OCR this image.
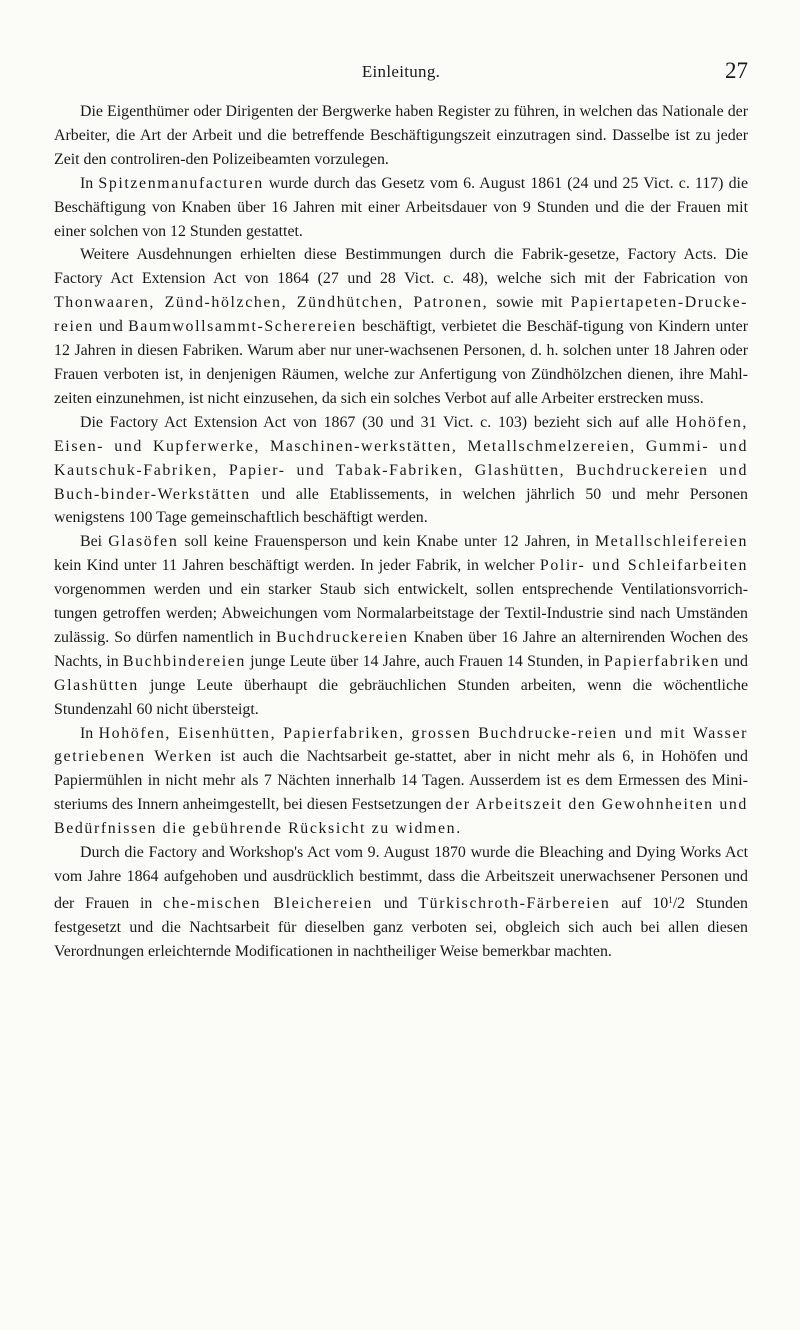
Einleitung.	27

Die Eigenthümer oder Dirigenten der Bergwerke haben Register zu führen, in welchen das Nationale der Arbeiter, die Art der Arbeit und die betreffende Beschäftigungszeit einzutragen sind. Dasselbe ist zu jeder Zeit den controliren-den Polizeibeamten vorzulegen.

In Spitzenmanufacturen wurde durch das Gesetz vom 6. August 1861 (24 und 25 Vict. c. 117) die Beschäftigung von Knaben über 16 Jahren mit einer Arbeitsdauer von 9 Stunden und die der Frauen mit einer solchen von 12 Stunden gestattet.

Weitere Ausdehnungen erhielten diese Bestimmungen durch die Fabrik-gesetze, Factory Acts. Die Factory Act Extension Act von 1864 (27 und 28 Vict. c. 48), welche sich mit der Fabrication von Thonwaaren, Zünd-hölzchen, Zündhütchen, Patronen, sowie mit Papiertapeten-Drucke-reien und Baumwollsammt-Scherereien beschäftigt, verbietet die Beschäf-tigung von Kindern unter 12 Jahren in diesen Fabriken. Warum aber nur uner-wachsenen Personen, d. h. solchen unter 18 Jahren oder Frauen verboten ist, in denjenigen Räumen, welche zur Anfertigung von Zündhölzchen dienen, ihre Mahl-zeiten einzunehmen, ist nicht einzusehen, da sich ein solches Verbot auf alle Arbeiter erstrecken muss.

Die Factory Act Extension Act von 1867 (30 und 31 Vict. c. 103) bezieht sich auf alle Hohöfen, Eisen- und Kupferwerke, Maschinen-werkstätten, Metallschmelzereien, Gummi- und Kautschuk-Fabriken, Papier- und Tabak-Fabriken, Glashütten, Buchdruckereien und Buch-binder-Werkstätten und alle Etablissements, in welchen jährlich 50 und mehr Personen wenigstens 100 Tage gemeinschaftlich beschäftigt werden.

Bei Glasöfen soll keine Frauensperson und kein Knabe unter 12 Jahren, in Metallschleifereien kein Kind unter 11 Jahren beschäftigt werden. In jeder Fabrik, in welcher Polir- und Schleifarbeiten vorgenommen werden und ein starker Staub sich entwickelt, sollen entsprechende Ventilationsvorrich-tungen getroffen werden; Abweichungen vom Normalarbeitstage der Textil-Industrie sind nach Umständen zulässig. So dürfen namentlich in Buchdruckereien Knaben über 16 Jahre an alternirenden Wochen des Nachts, in Buchbindereien junge Leute über 14 Jahre, auch Frauen 14 Stunden, in Papierfabriken und Glashütten junge Leute überhaupt die gebräuchlichen Stunden arbeiten, wenn die wöchentliche Stundenzahl 60 nicht übersteigt.

In Hohöfen, Eisenhütten, Papierfabriken, grossen Buchdrucke-reien und mit Wasser getriebenen Werken ist auch die Nachtsarbeit ge-stattet, aber in nicht mehr als 6, in Hohöfen und Papiermühlen in nicht mehr als 7 Nächten innerhalb 14 Tagen. Ausserdem ist es dem Ermessen des Mini-steriums des Innern anheimgestellt, bei diesen Festsetzungen der Arbeitszeit den Gewohnheiten und Bedürfnissen die gebührende Rücksicht zu widmen.

Durch die Factory and Workshop's Act vom 9. August 1870 wurde die Bleaching and Dying Works Act vom Jahre 1864 aufgehoben und ausdrücklich bestimmt, dass die Arbeitszeit unerwachsener Personen und der Frauen in che-mischen Bleichereien und Türkischroth-Färbereien auf $10^1/2$ Stunden festgesetzt und die Nachtsarbeit für dieselben ganz verboten sei, obgleich sich auch bei allen diesen Verordnungen erleichternde Modificationen in nachtheiliger Weise bemerkbar machten.
